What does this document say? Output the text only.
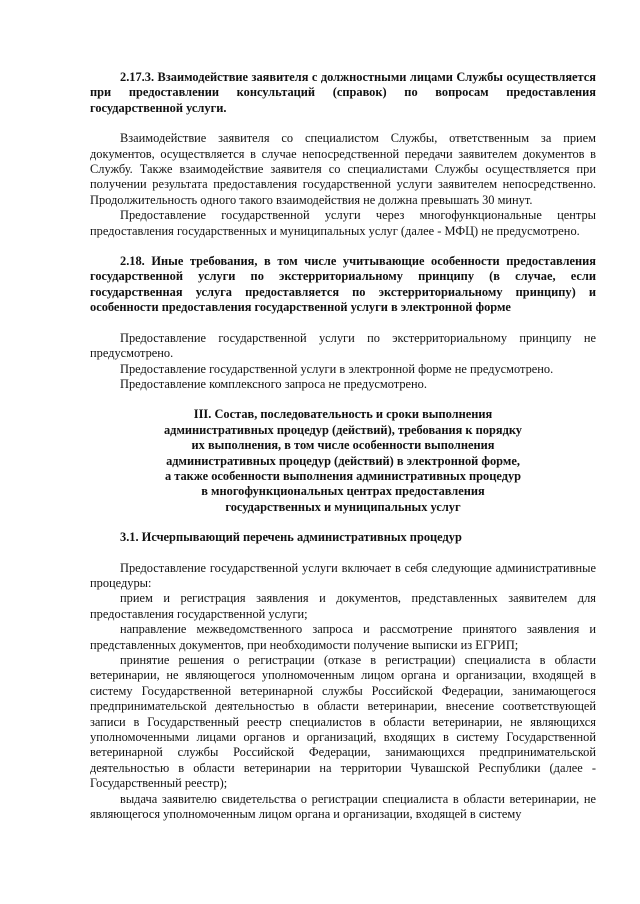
2.17.3. Взаимодействие заявителя с должностными лицами Службы осуществляется при предоставлении консультаций (справок) по вопросам предоставления государственной услуги.

Взаимодействие заявителя со специалистом Службы, ответственным за прием документов, осуществляется в случае непосредственной передачи заявителем документов в Службу. Также взаимодействие заявителя со специалистами Службы осуществляется при получении результата предоставления государственной услуги заявителем непосредственно. Продолжительность одного такого взаимодействия не должна превышать 30 минут.

Предоставление государственной услуги через многофункциональные центры предоставления государственных и муниципальных услуг (далее - МФЦ) не предусмотрено.

2.18. Иные требования, в том числе учитывающие особенности предоставления государственной услуги по экстерриториальному принципу (в случае, если государственная услуга предоставляется по экстерриториальному принципу) и особенности предоставления государственной услуги в электронной форме

Предоставление государственной услуги по экстерриториальному принципу не предусмотрено.

Предоставление государственной услуги в электронной форме не предусмотрено.

Предоставление комплексного запроса не предусмотрено.

III. Состав, последовательность и сроки выполнения
административных процедур (действий), требования к порядку
их выполнения, в том числе особенности выполнения
административных процедур (действий) в электронной форме,
а также особенности выполнения административных процедур
в многофункциональных центрах предоставления
государственных и муниципальных услуг

3.1. Исчерпывающий перечень административных процедур

Предоставление государственной услуги включает в себя следующие административные процедуры:

прием и регистрация заявления и документов, представленных заявителем для предоставления государственной услуги;

направление межведомственного запроса и рассмотрение принятого заявления и представленных документов, при необходимости получение выписки из ЕГРИП;

принятие решения о регистрации (отказе в регистрации) специалиста в области ветеринарии, не являющегося уполномоченным лицом органа и организации, входящей в систему Государственной ветеринарной службы Российской Федерации, занимающегося предпринимательской деятельностью в области ветеринарии, внесение соответствующей записи в Государственный реестр специалистов в области ветеринарии, не являющихся уполномоченными лицами органов и организаций, входящих в систему Государственной ветеринарной службы Российской Федерации, занимающихся предпринимательской деятельностью в области ветеринарии на территории Чувашской Республики (далее - Государственный реестр);

выдача заявителю свидетельства о регистрации специалиста в области ветеринарии, не являющегося уполномоченным лицом органа и организации, входящей в систему
